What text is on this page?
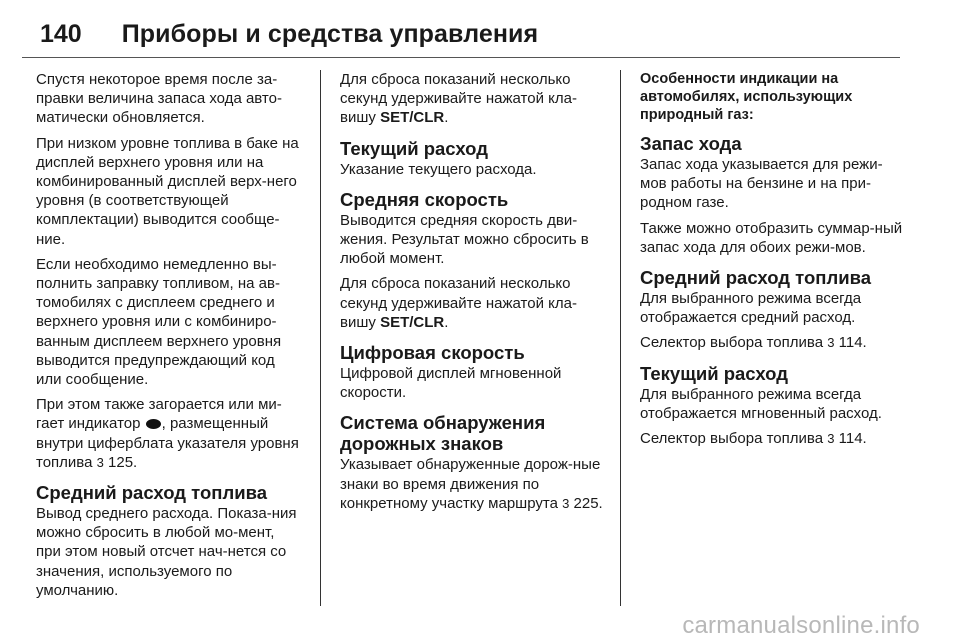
140 Приборы и средства управления

Спустя некоторое время после за-правки величина запаса хода авто-матически обновляется.

При низком уровне топлива в баке на дисплей верхнего уровня или на комбинированный дисплей верх-него уровня (в соответствующей комплектации) выводится сообще-ние.

Если необходимо немедленно вы-полнить заправку топливом, на ав-томобилях с дисплеем среднего и верхнего уровня или с комбиниро-ванным дисплеем верхнего уровня выводится предупреждающий код или сообщение.

При этом также загорается или ми-гает индикатор , размещенный внутри циферблата указателя уровня топлива 3 125.

Средний расход топлива

Вывод среднего расхода. Показа-ния можно сбросить в любой мо-мент, при этом новый отсчет нач-нется со значения, используемого по умолчанию.

Для сброса показаний несколько секунд удерживайте нажатой кла-вишу SET/CLR.

Текущий расход

Указание текущего расхода.

Средняя скорость

Выводится средняя скорость дви-жения. Результат можно сбросить в любой момент.

Для сброса показаний несколько секунд удерживайте нажатой кла-вишу SET/CLR.

Цифровая скорость

Цифровой дисплей мгновенной скорости.

Система обнаружения дорожных знаков

Указывает обнаруженные дорож-ные знаки во время движения по конкретному участку маршрута 3 225.

Особенности индикации на автомобилях, использующих природный газ:
Запас хода

Запас хода указывается для режи-мов работы на бензине и на при-родном газе.

Также можно отобразить суммар-ный запас хода для обоих режи-мов.

Средний расход топлива

Для выбранного режима всегда отображается средний расход.

Селектор выбора топлива 3 114.

Текущий расход

Для выбранного режима всегда отображается мгновенный расход.

Селектор выбора топлива 3 114.

carmanualsonline.info
